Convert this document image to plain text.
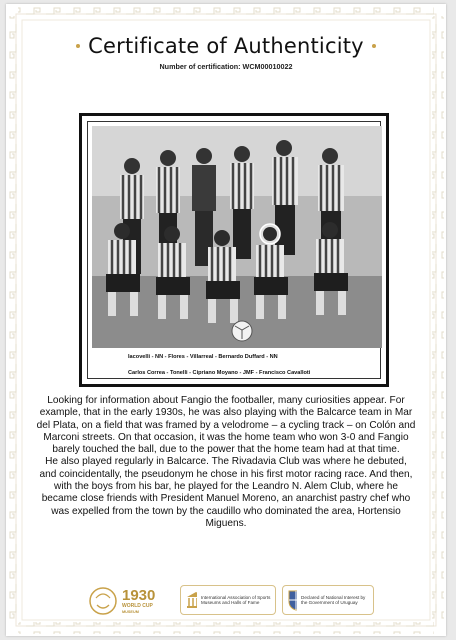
Certificate of Authenticity
Number of certification: WCM00010022
Iacovelli - NN - Flores - Villarreal - Bernardo Duffard - NN
Carlos Correa - Tonelli - Cipriano Moyano - JMF - Francisco Cavalloti

Looking for information about Fangio the footballer, many curiosities appear. For example, that in the early 1930s, he was also playing with the Balcarce team in Mar del Plata, on a field that was framed by a velodrome – a cycling track – on Colón and Marconi streets. On that occasion, it was the home team who won 3-0 and Fangio barely touched the ball, due to the power that the home team had at that time.

He also played regularly in Balcarce. The Rivadavia Club was where he debuted, and coincidentally, the pseudonym he chose in his first motor racing race. And then, with the boys from his bar, he played for the Leandro N. Alem Club, where he became close friends with President Manuel Moreno, an anarchist pastry chef who was expelled from the town by the caudillo who dominated the area, Hortensio Miguens.

1930
WORLD CUP
MUSEUM
International Association of Sports Museums and Halls of Fame
Declared of National Interest by the Government of Uruguay
